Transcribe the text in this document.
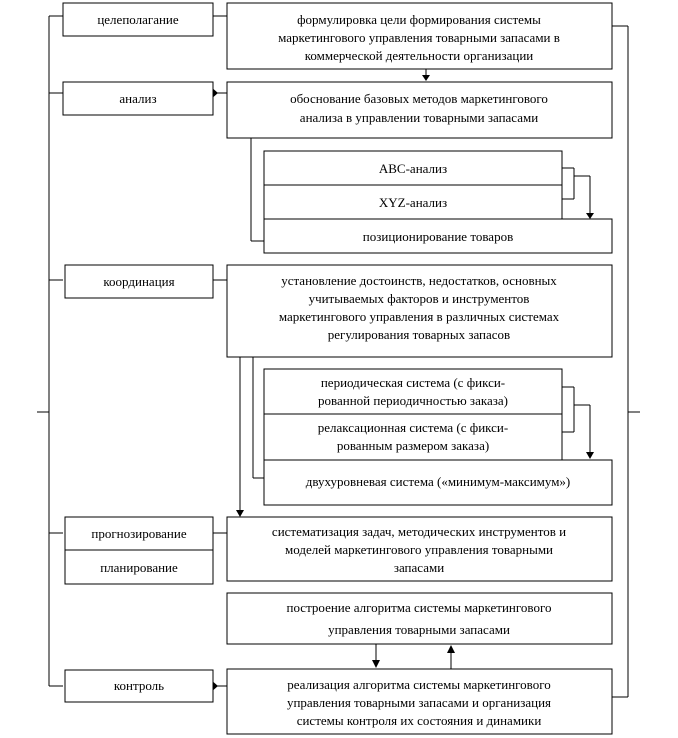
целеполагание
анализ
координация
прогнозирование
планирование
контроль
формулировка цели формирования системы
маркетингового управления товарными запасами в
коммерческой деятельности организации
обоснование базовых методов маркетингового
анализа в управлении товарными запасами
АВС-анализ
XYZ-анализ
позиционирование товаров
установление достоинств, недостатков, основных
учитываемых факторов и инструментов
маркетингового управления в различных системах
регулирования товарных запасов
периодическая система (с фикси-
рованной периодичностью заказа)
релаксационная система (с фикси-
рованным размером заказа)
двухуровневая система («минимум-максимум»)
систематизация задач, методических инструментов и
моделей маркетингового управления товарными
запасами
построение алгоритма системы маркетингового
управления товарными запасами
реализация алгоритма системы маркетингового
управления товарными запасами и организация
системы контроля их состояния и динамики
